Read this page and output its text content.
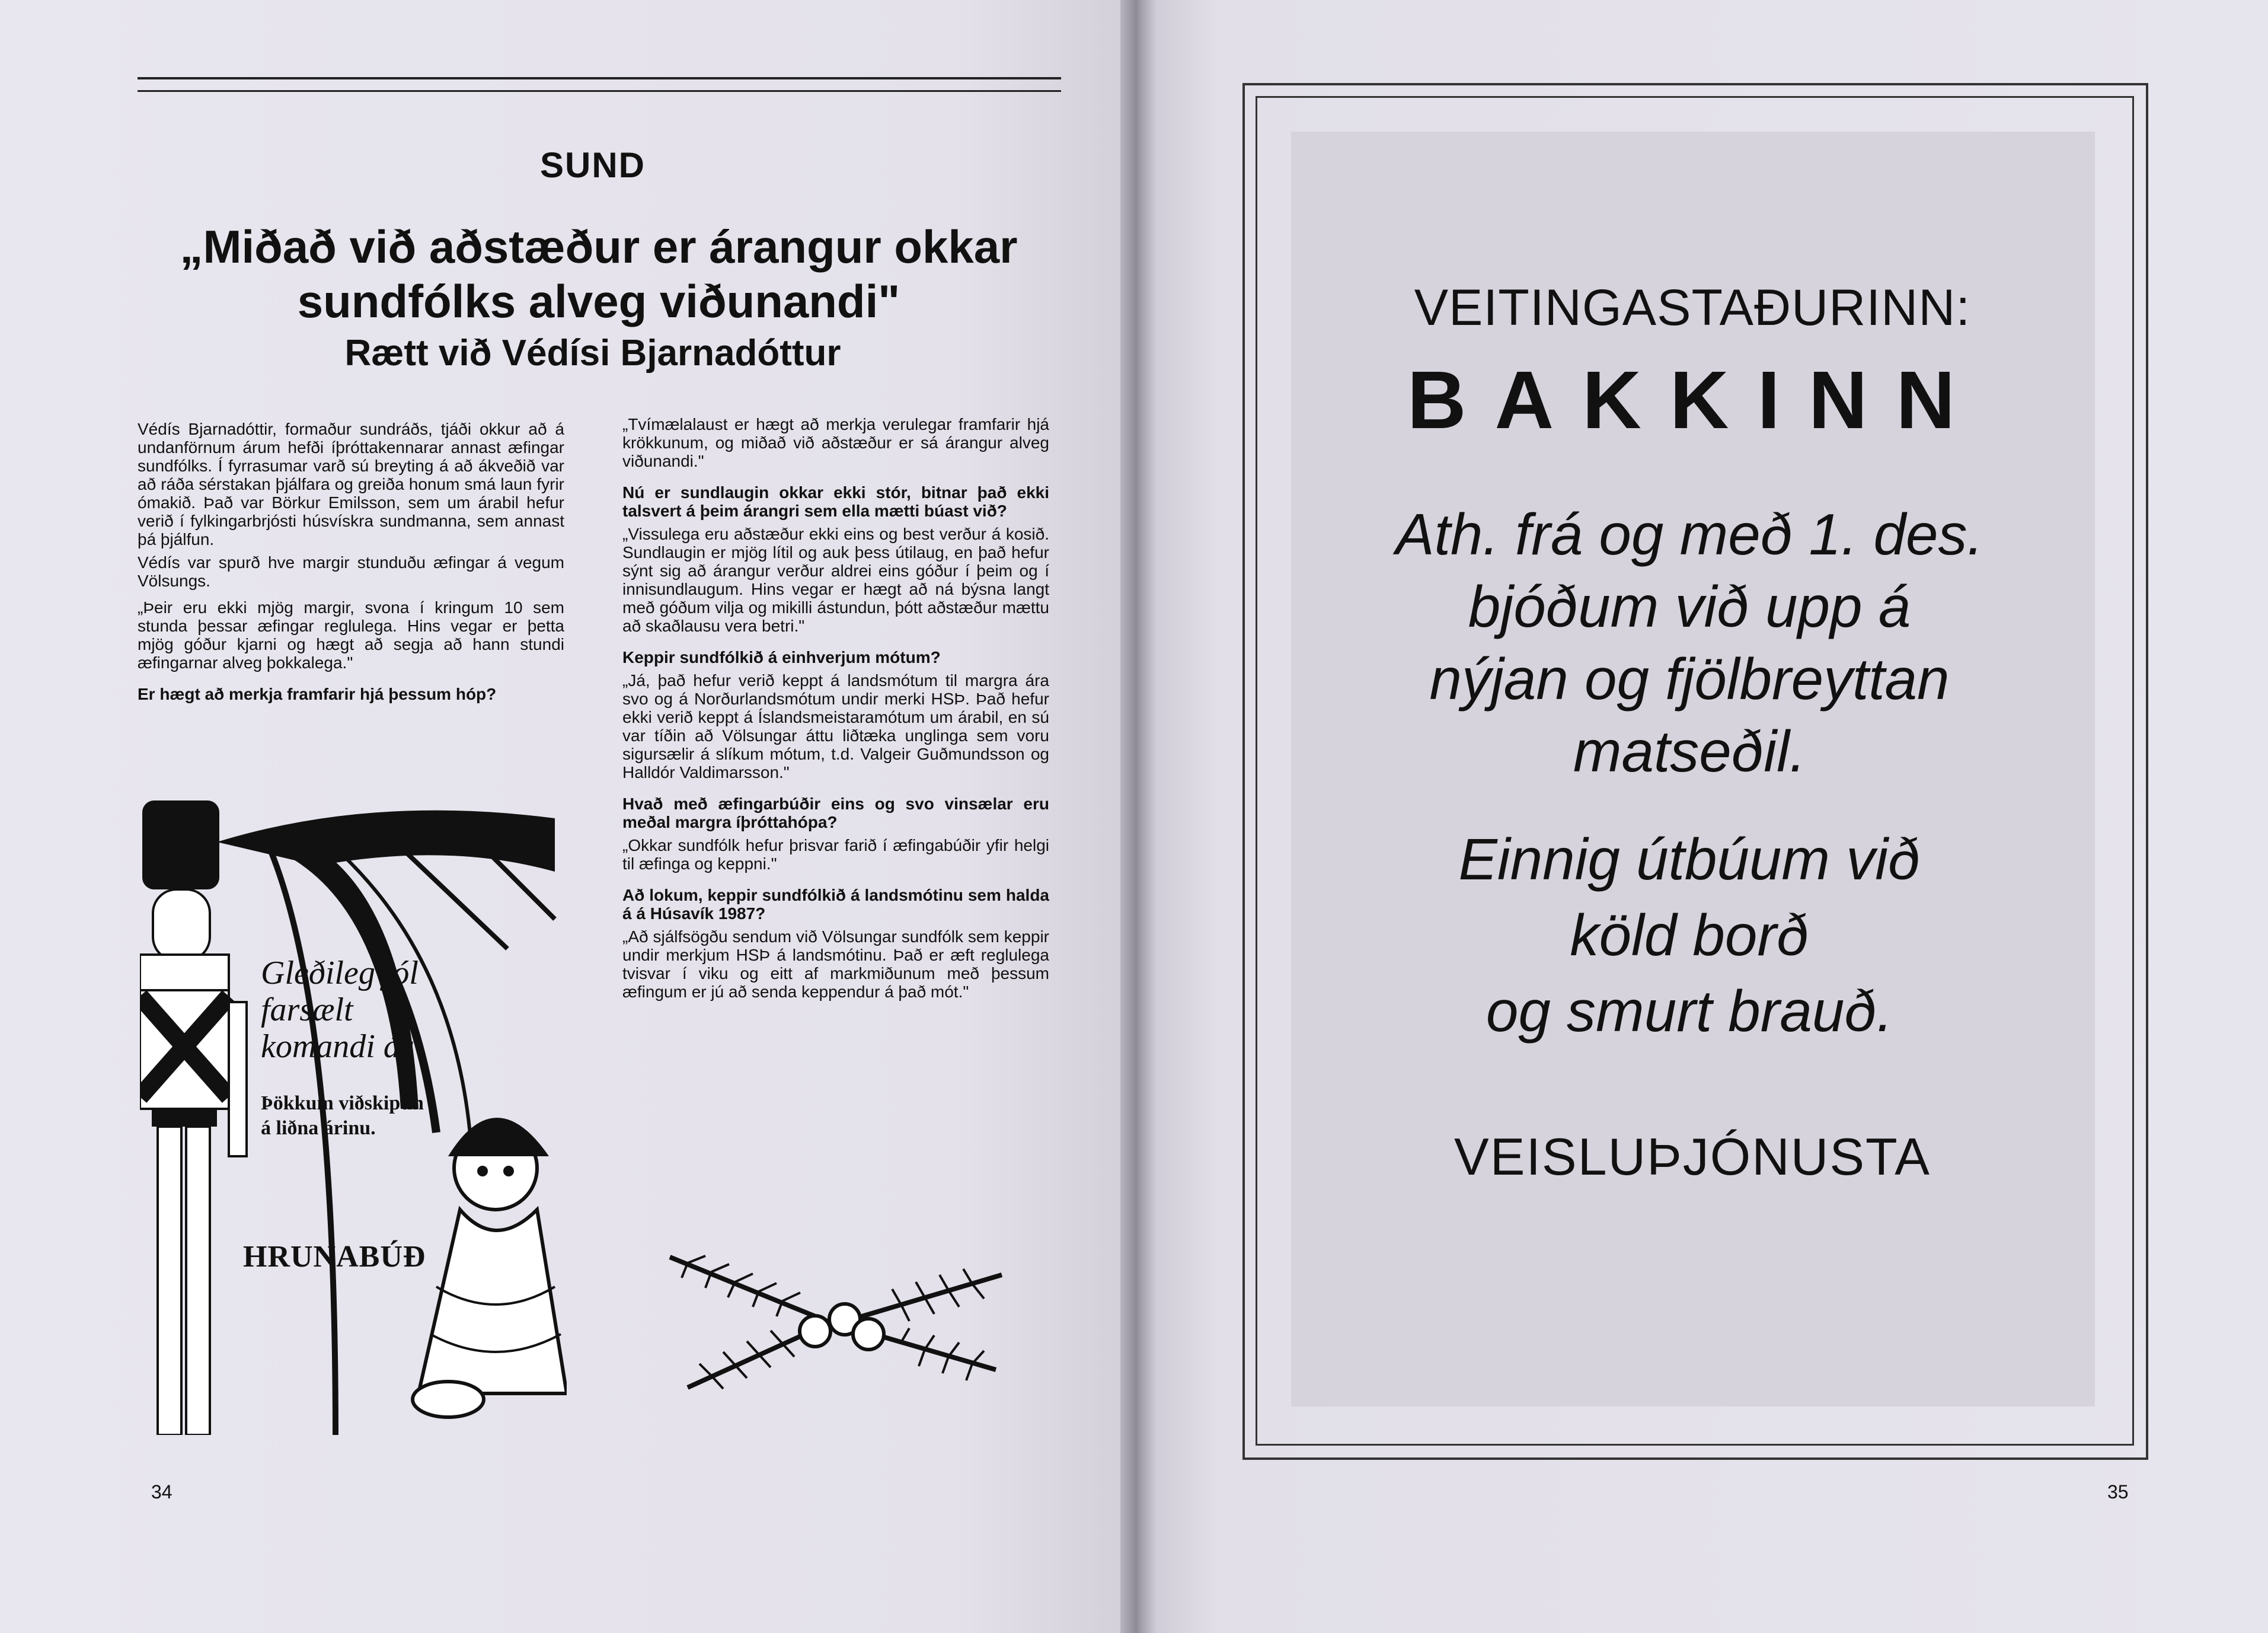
SUND
„Miðað við aðstæður er árangur okkar
sundfólks alveg viðunandi"
Rætt við Védísi Bjarnadóttur

Védís Bjarnadóttir, formaður sundráðs, tjáði okkur að á undanförnum árum hefði íþróttakennarar annast æfingar sundfólks. Í fyrrasumar varð sú breyting á að ákveðið var að ráða sérstakan þjálfara og greiða honum smá laun fyrir ómakið. Það var Börkur Emilsson, sem um árabil hefur verið í fylkingarbrjósti húsvískra sundmanna, sem annast þá þjálfun.

Védís var spurð hve margir stunduðu æfingar á vegum Völsungs.

„Þeir eru ekki mjög margir, svona í kringum 10 sem stunda þessar æfingar reglulega. Hins vegar er þetta mjög góður kjarni og hægt að segja að hann stundi æfingarnar alveg þokkalega."

Er hægt að merkja framfarir hjá þessum hóp?

„Tvímælalaust er hægt að merkja verulegar framfarir hjá krökkunum, og miðað við aðstæður er sá árangur alveg viðunandi."

Nú er sundlaugin okkar ekki stór, bitnar það ekki talsvert á þeim árangri sem ella mætti búast við?

„Vissulega eru aðstæður ekki eins og best verður á kosið. Sundlaugin er mjög lítil og auk þess útilaug, en það hefur sýnt sig að árangur verður aldrei eins góður í þeim og í innisundlaugum. Hins vegar er hægt að ná býsna langt með góðum vilja og mikilli ástundun, þótt aðstæður mættu að skaðlausu vera betri."

Keppir sundfólkið á einhverjum mótum?

„Já, það hefur verið keppt á landsmótum til margra ára svo og á Norðurlandsmótum undir merki HSÞ. Það hefur ekki verið keppt á Íslandsmeistaramótum um árabil, en sú var tíðin að Völsungar áttu liðtæka unglinga sem voru sigursælir á slíkum mótum, t.d. Valgeir Guðmundsson og Halldór Valdimarsson."

Hvað með æfingarbúðir eins og svo vinsælar eru meðal margra íþróttahópa?

„Okkar sundfólk hefur þrisvar farið í æfingabúðir yfir helgi til æfinga og keppni."

Að lokum, keppir sundfólkið á landsmótinu sem halda á á Húsavík 1987?

„Að sjálfsögðu sendum við Völsungar sundfólk sem keppir undir merkjum HSÞ á landsmótinu. Það er æft reglulega tvisvar í viku og eitt af markmiðunum með þessum æfingum er jú að senda keppendur á það mót."

Gleðileg jól
farsælt
komandi ár
Þökkum viðskiptin
á liðna árinu.
HRUNABÚÐ
34
VEITINGASTAÐURINN:
BAKKINN
Ath. frá og með 1. des.
bjóðum við upp á
nýjan og fjölbreyttan
matseðil.
Einnig útbúum við
köld borð
og smurt brauð.
VEISLUÞJÓNUSTA
35
